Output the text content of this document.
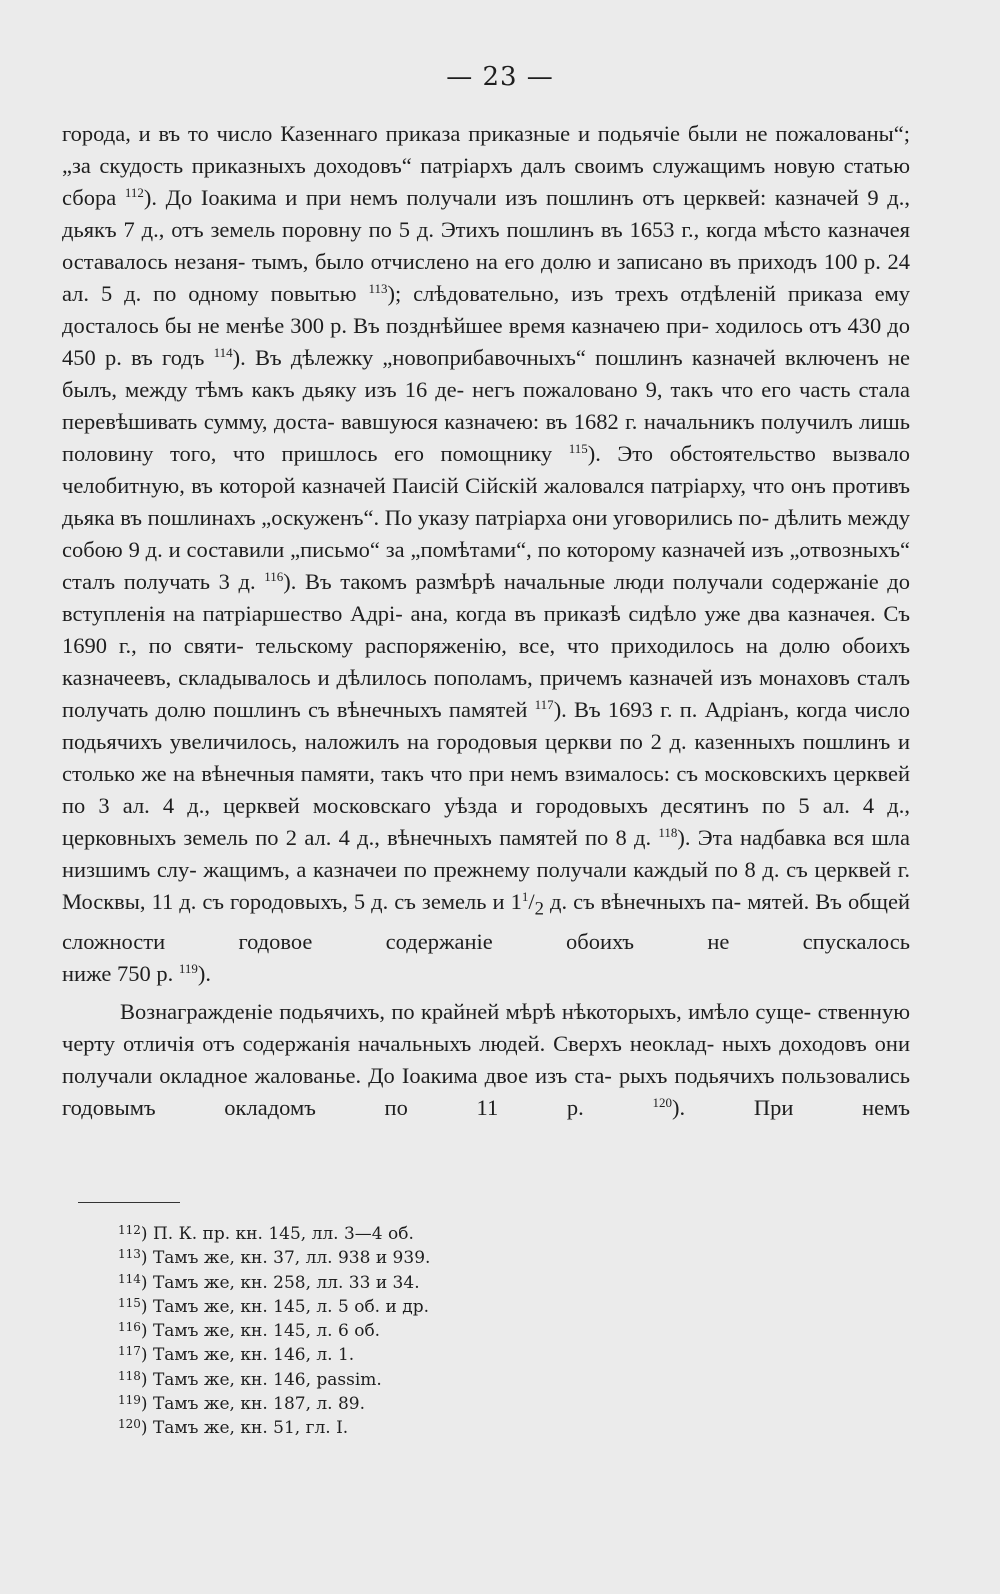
— 23 —

города, и въ то число Казеннаго приказа приказные и подьячіе были не пожалованы“; „за скудость приказныхъ доходовъ“ патріархъ далъ своимъ служащимъ новую статью сбора $^{112}$). До Іоакима и при немъ получали изъ пошлинъ отъ церквей: казначей 9 д., дьякъ 7 д., отъ земель поровну по 5 д. Этихъ пошлинъ въ 1653 г., когда мѣсто казначея оставалось незаня- тымъ, было отчислено на его долю и записано въ приходъ 100 р. 24 ал. 5 д. по одному повытью $^{113}$); слѣдовательно, изъ трехъ отдѣленій приказа ему досталось бы не менѣе 300 р. Въ позднѣйшее время казначею при- ходилось отъ 430 до 450 р. въ годъ $^{114}$). Въ дѣлежку „новоприбавочныхъ“ пошлинъ казначей включенъ не былъ, между тѣмъ какъ дьяку изъ 16 де- негъ пожаловано 9, такъ что его часть стала перевѣшивать сумму, доста- вавшуюся казначею: въ 1682 г. начальникъ получилъ лишь половину того, что пришлось его помощнику $^{115}$). Это обстоятельство вызвало челобитную, въ которой казначей Паисій Сійскій жаловался патріарху, что онъ противъ дьяка въ пошлинахъ „оскуженъ“. По указу патріарха они уговорились по- дѣлить между собою 9 д. и составили „письмо“ за „помѣтами“, по которому казначей изъ „отвозныхъ“ сталъ получать 3 д. $^{116}$). Въ такомъ размѣрѣ начальные люди получали содержаніе до вступленія на патріаршество Адрі- ана, когда въ приказѣ сидѣло уже два казначея. Съ 1690 г., по святи- тельскому распоряженію, все, что приходилось на долю обоихъ казначеевъ, складывалось и дѣлилось пополамъ, причемъ казначей изъ монаховъ сталъ получать долю пошлинъ съ вѣнечныхъ памятей $^{117}$). Въ 1693 г. п. Адріанъ, когда число подьячихъ увеличилось, наложилъ на городовыя церкви по 2 д. казенныхъ пошлинъ и столько же на вѣнечныя памяти, такъ что при немъ взималось: съ московскихъ церквей по 3 ал. 4 д., церквей московскаго уѣзда и городовыхъ десятинъ по 5 ал. 4 д., церковныхъ земель по 2 ал. 4 д., вѣнечныхъ памятей по 8 д. $^{118}$). Эта надбавка вся шла низшимъ слу- жащимъ, а казначеи по прежнему получали каждый по 8 д. съ церквей г. Москвы, 11 д. съ городовыхъ, 5 д. съ земель и $1^1/_2$ д. съ вѣнечныхъ па- мятей. Въ общей сложности годовое содержаніе обоихъ не спускалось

ниже 750 р. $^{119}$).

Вознагражденіе подьячихъ, по крайней мѣрѣ нѣкоторыхъ, имѣло суще- ственную черту отличія отъ содержанія начальныхъ людей. Сверхъ неоклад- ныхъ доходовъ они получали окладное жалованье. До Іоакима двое изъ ста- рыхъ подьячихъ пользовались годовымъ окладомъ по 11 р.	$^{120}$). При немъ

$^{112}$) П. К. пр. кн. 145, лл. 3—4 об.
$^{113}$) Тамъ же, кн. 37, лл. 938 и 939.
$^{114}$) Тамъ же, кн. 258, лл. 33 и 34.
$^{115}$) Тамъ же, кн. 145, л. 5 об. и др.
$^{116}$) Тамъ же, кн. 145, л. 6 об.
$^{117}$) Тамъ же, кн. 146, л. 1.
$^{118}$) Тамъ же, кн. 146, passim.
$^{119}$) Тамъ же, кн. 187, л. 89.
$^{120}$) Тамъ же, кн. 51, гл. I.
